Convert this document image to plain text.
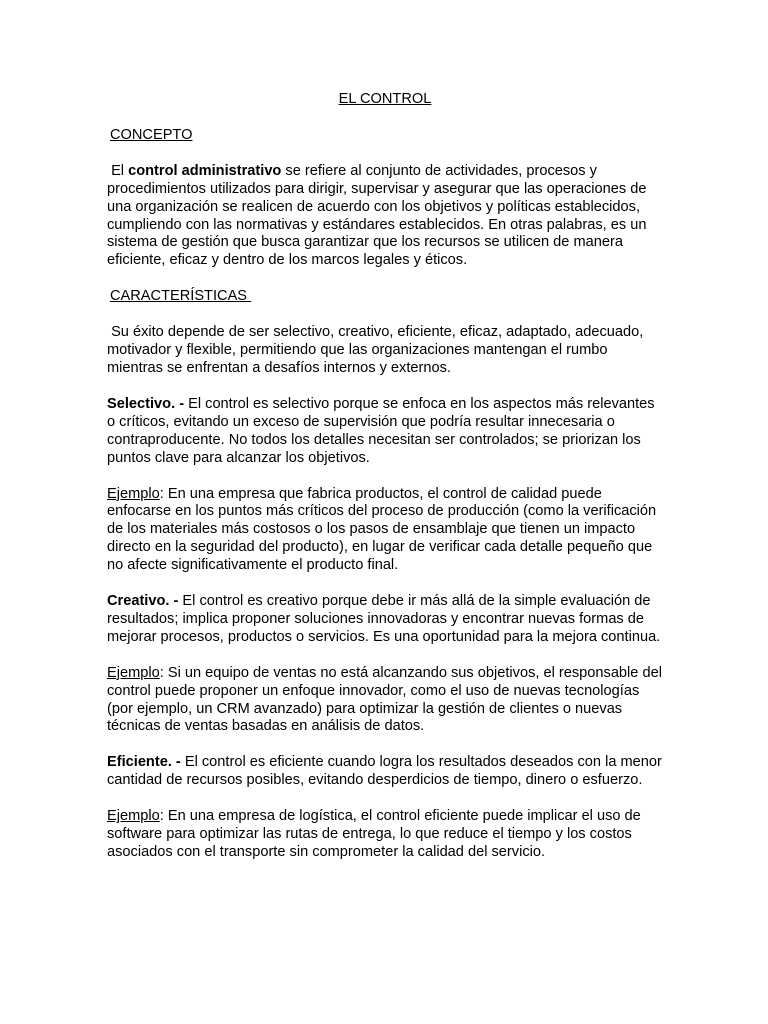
EL CONTROL
CONCEPTO

El control administrativo se refiere al conjunto de actividades, procesos y procedimientos utilizados para dirigir, supervisar y asegurar que las operaciones de una organización se realicen de acuerdo con los objetivos y políticas establecidos, cumpliendo con las normativas y estándares establecidos. En otras palabras, es un sistema de gestión que busca garantizar que los recursos se utilicen de manera eficiente, eficaz y dentro de los marcos legales y éticos.

CARACTERÍSTICAS

Su éxito depende de ser selectivo, creativo, eficiente, eficaz, adaptado, adecuado, motivador y flexible, permitiendo que las organizaciones mantengan el rumbo mientras se enfrentan a desafíos internos y externos.

Selectivo. - El control es selectivo porque se enfoca en los aspectos más relevantes o críticos, evitando un exceso de supervisión que podría resultar innecesaria o contraproducente. No todos los detalles necesitan ser controlados; se priorizan los puntos clave para alcanzar los objetivos.

Ejemplo: En una empresa que fabrica productos, el control de calidad puede enfocarse en los puntos más críticos del proceso de producción (como la verificación de los materiales más costosos o los pasos de ensamblaje que tienen un impacto directo en la seguridad del producto), en lugar de verificar cada detalle pequeño que no afecte significativamente el producto final.

Creativo. - El control es creativo porque debe ir más allá de la simple evaluación de resultados; implica proponer soluciones innovadoras y encontrar nuevas formas de mejorar procesos, productos o servicios. Es una oportunidad para la mejora continua.

Ejemplo: Si un equipo de ventas no está alcanzando sus objetivos, el responsable del control puede proponer un enfoque innovador, como el uso de nuevas tecnologías (por ejemplo, un CRM avanzado) para optimizar la gestión de clientes o nuevas técnicas de ventas basadas en análisis de datos.

Eficiente. - El control es eficiente cuando logra los resultados deseados con la menor cantidad de recursos posibles, evitando desperdicios de tiempo, dinero o esfuerzo.

Ejemplo: En una empresa de logística, el control eficiente puede implicar el uso de software para optimizar las rutas de entrega, lo que reduce el tiempo y los costos asociados con el transporte sin comprometer la calidad del servicio.
